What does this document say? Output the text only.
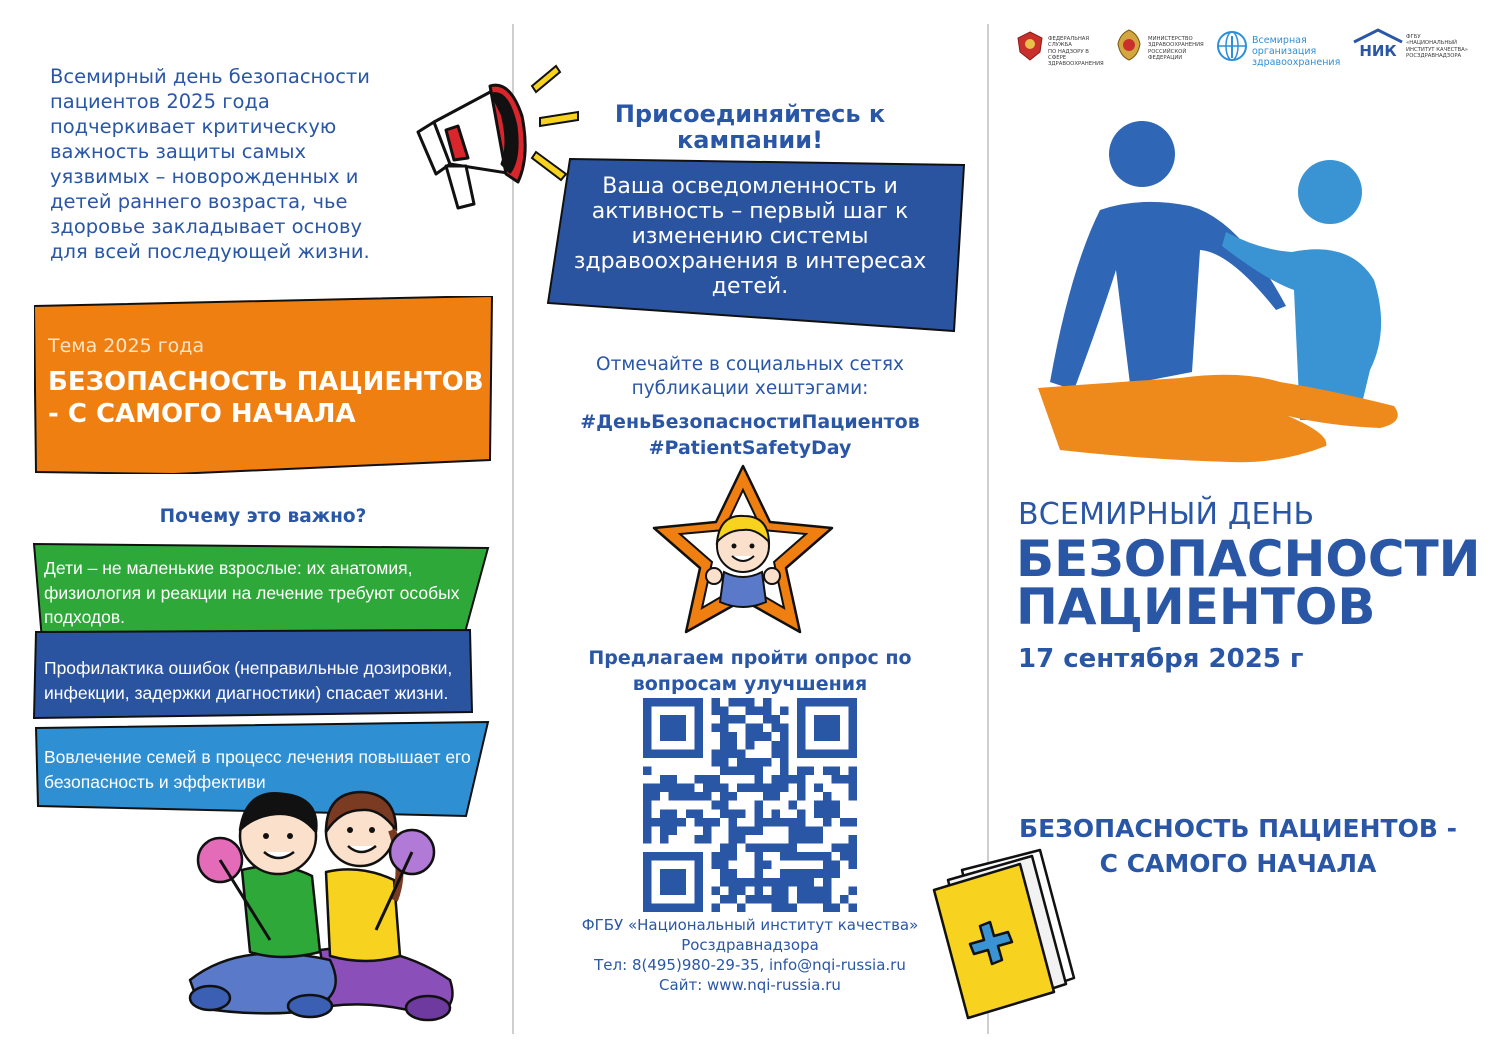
Всемирный день безопасности пациентов 2025 года подчеркивает критическую важность защиты самых уязвимых – новорожденных и детей раннего возраста, чье здоровье закладывает основу для всей последующей жизни.
Тема 2025 года
БЕЗОПАСНОСТЬ ПАЦИЕНТОВ - С САМОГО НАЧАЛА
Почему это важно?
Дети – не маленькие взрослые: их анатомия, физиология и реакции на лечение требуют особых подходов.
Профилактика ошибок (неправильные дозировки, инфекции, задержки диагностики) спасает жизни.
Вовлечение семей в процесс лечения повышает его безопасность и эффективи
Присоединяйтесь к кампании!
Ваша осведомленность и активность – первый шаг к изменению системы здравоохранения в интересах детей.
Отмечайте в социальных сетях публикации хештэгами:
#ДеньБезопасностиПациентов
#PatientSafetyDay
Предлагаем пройти опрос по вопросам улучшения
ФГБУ «Национальный институт качества»
Росздравнадзора
Тел: 8(495)980-29-35, info@nqi-russia.ru
Сайт: www.nqi-russia.ru
ФЕДЕРАЛЬНАЯ СЛУЖБА
ПО НАДЗОРУ В СФЕРЕ
ЗДРАВООХРАНЕНИЯ
МИНИСТЕРСТВО
ЗДРАВООХРАНЕНИЯ
РОССИЙСКОЙ ФЕДЕРАЦИИ
Всемирная организация
здравоохранения
НИК
ФГБУ «НАЦИОНАЛЬНЫЙ
ИНСТИТУТ КАЧЕСТВА»
РОСЗДРАВНАДЗОРА
ВСЕМИРНЫЙ ДЕНЬ
БЕЗОПАСНОСТИ
ПАЦИЕНТОВ
17 сентября 2025 г
БЕЗОПАСНОСТЬ ПАЦИЕНТОВ -
С САМОГО НАЧАЛА
